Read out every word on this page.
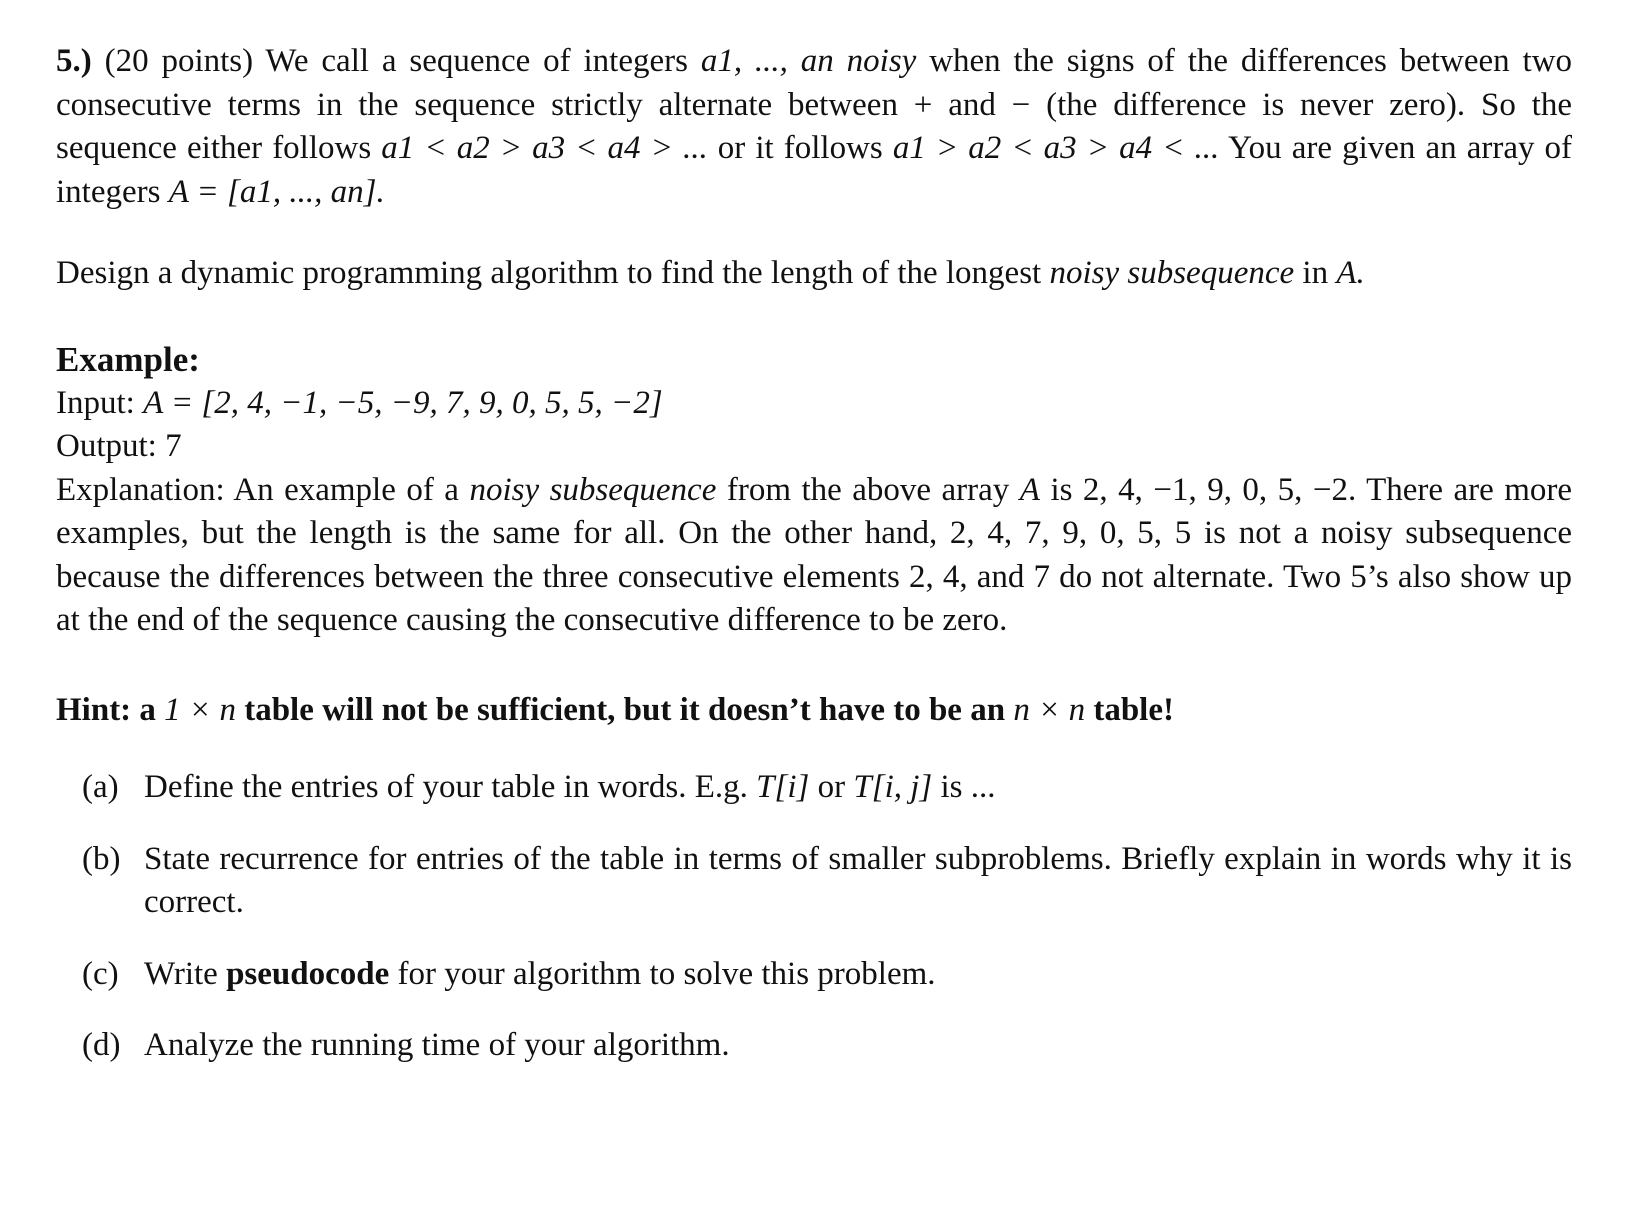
5.) (20 points) We call a sequence of integers a1, ..., an noisy when the signs of the differences between two consecutive terms in the sequence strictly alternate between + and − (the difference is never zero). So the sequence either follows a1 < a2 > a3 < a4 > ... or it follows a1 > a2 < a3 > a4 < ... You are given an array of integers A = [a1, ..., an].

Design a dynamic programming algorithm to find the length of the longest noisy subsequence in A.

Example:
Input: A = [2, 4, −1, −5, −9, 7, 9, 0, 5, 5, −2]
Output: 7
Explanation: An example of a noisy subsequence from the above array A is 2, 4, −1, 9, 0, 5, −2. There are more examples, but the length is the same for all. On the other hand, 2, 4, 7, 9, 0, 5, 5 is not a noisy subsequence because the differences between the three consecutive elements 2, 4, and 7 do not alternate. Two 5’s also show up at the end of the sequence causing the consecutive difference to be zero.
Hint: a 1 × n table will not be sufficient, but it doesn’t have to be an n × n table!
(a) Define the entries of your table in words. E.g. T[i] or T[i, j] is ...
(b) State recurrence for entries of the table in terms of smaller subproblems. Briefly explain in words why it is correct.
(c) Write pseudocode for your algorithm to solve this problem.
(d) Analyze the running time of your algorithm.
